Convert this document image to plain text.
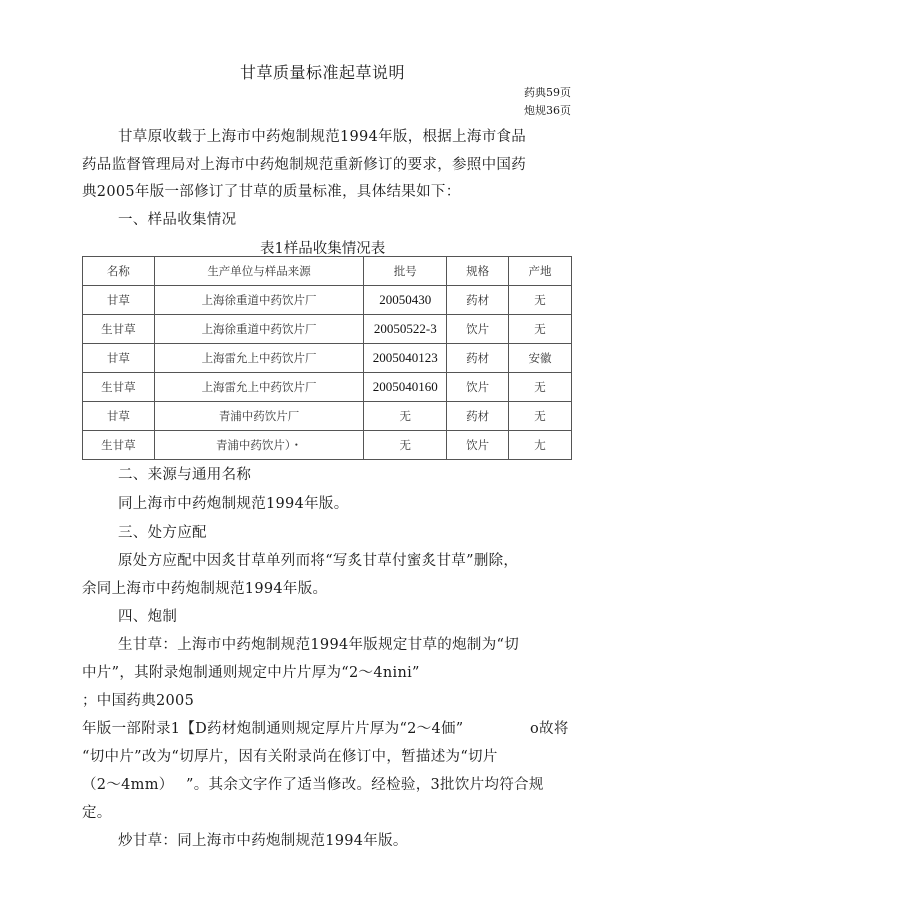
甘草质量标准起草说明
药典59页
炮规36页
甘草原收载于上海市中药炮制规范1994年版，根据上海市食品
药品监督管理局对上海市中药炮制规范重新修订的要求，参照中国药
典2005年版一部修订了甘草的质量标准，具体结果如下：
一、样品收集情况
表1样品收集情况表
名称	生产单位与样品来源	批号	规格	产地
甘草	上海徐重道中药饮片厂	20050430	药材	无
生甘草	上海徐重道中药饮片厂	20050522-3	饮片	无
甘草	上海雷允上中药饮片厂	2005040123	药材	安徽
生甘草	上海雷允上中药饮片厂	2005040160	饮片	无
甘草	青浦中药饮片厂	无	药材	无
生甘草	青浦中药饮片）・	无	饮片	尢
二、来源与通用名称
同上海市中药炮制规范1994年版。
三、处方应配
原处方应配中因炙甘草单列而将“写炙甘草付蜜炙甘草”删除，
余同上海市中药炮制规范1994年版。
四、炮制
生甘草：上海市中药炮制规范1994年版规定甘草的炮制为“切
中片”，其附录炮制通则规定中片片厚为“2～4nini”
；中国药典2005
年版一部附录1【D药材炮制通则规定厚片片厚为“2～4価”	o故将
“切中片”改为“切厚片，因有关附录尚在修订中，暂描述为“切片
（2～4mm） ”。其余文字作了适当修改。经检验，3批饮片均符合规
定。
炒甘草：同上海市中药炮制规范1994年版。
